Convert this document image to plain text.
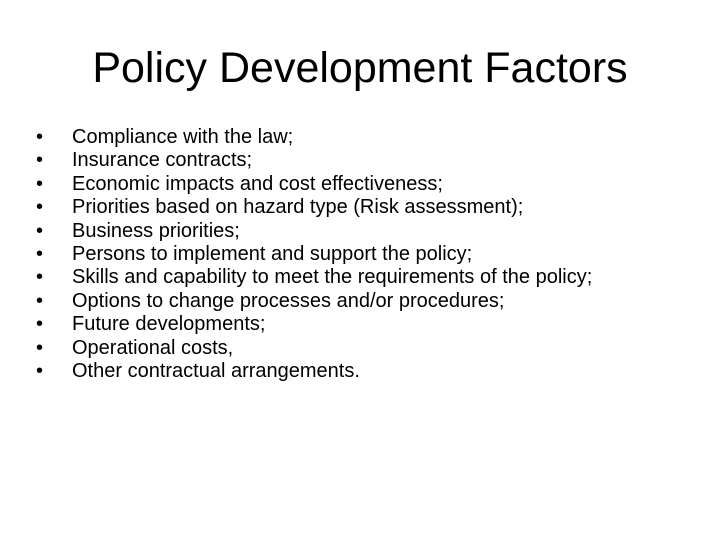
Policy Development Factors
•	Compliance with the law;
•	Insurance contracts;
•	Economic impacts and cost effectiveness;
•	Priorities based on hazard type (Risk assessment);
•	Business priorities;
•	Persons to implement and support the policy;
•	Skills and capability to meet the requirements of the policy;
•	Options to change processes and/or procedures;
•	Future developments;
•	Operational costs,
•	Other contractual arrangements.
